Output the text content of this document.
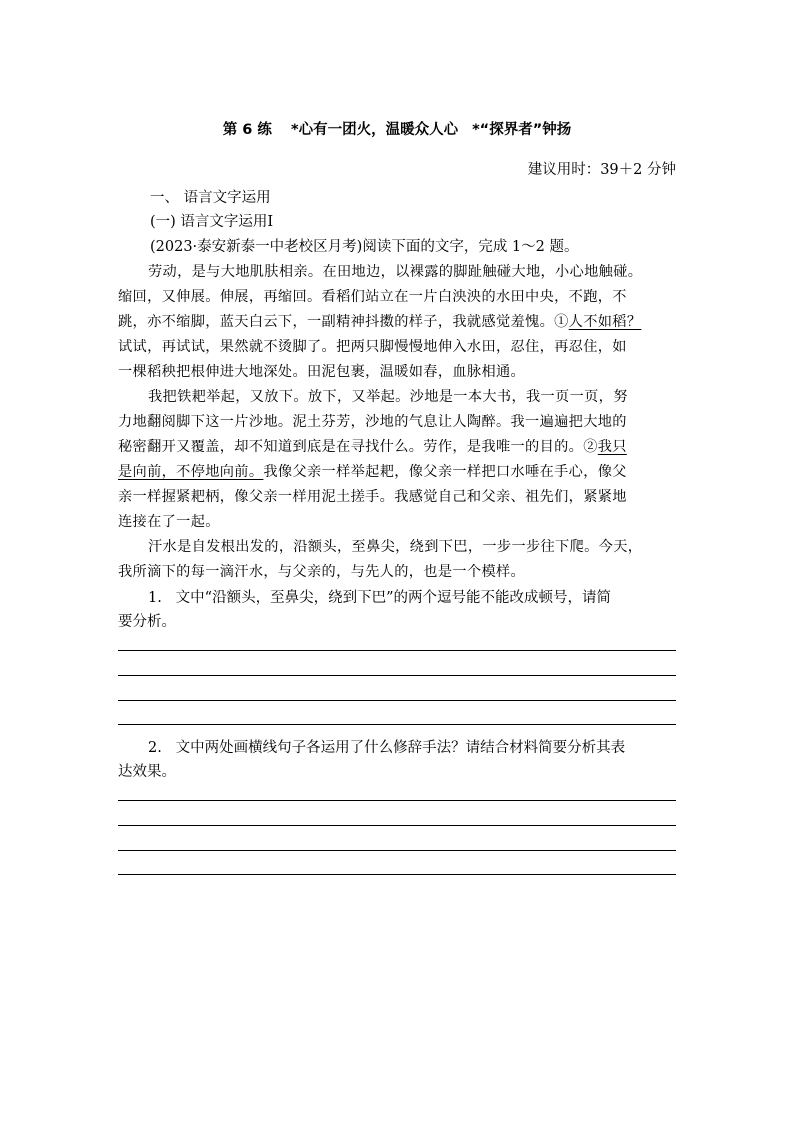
第 6 练 *心有一团火，温暖众人心 *“探界者”钟扬
建议用时：39＋2 分钟
一、 语言文字运用
(一) 语言文字运用Ⅰ
(2023·泰安新泰一中老校区月考)阅读下面的文字，完成 1～2 题。
劳动，是与大地肌肤相亲。在田地边，以裸露的脚趾触碰大地，小心地触碰。
缩回，又伸展。伸展，再缩回。看稻们站立在一片白泱泱的水田中央，不跑，不
跳，亦不缩脚，蓝天白云下，一副精神抖擞的样子，我就感觉羞愧。①人不如稻？
试试，再试试，果然就不烫脚了。把两只脚慢慢地伸入水田，忍住，再忍住，如
一棵稻秧把根伸进大地深处。田泥包裹，温暖如春，血脉相通。
我把铁耙举起，又放下。放下，又举起。沙地是一本大书，我一页一页，努
力地翻阅脚下这一片沙地。泥土芬芳，沙地的气息让人陶醉。我一遍遍把大地的
秘密翻开又覆盖，却不知道到底是在寻找什么。劳作，是我唯一的目的。②我只
是向前，不停地向前。我像父亲一样举起耙，像父亲一样把口水唾在手心，像父
亲一样握紧耙柄，像父亲一样用泥土搓手。我感觉自己和父亲、祖先们，紧紧地
连接在了一起。
汗水是自发根出发的，沿额头，至鼻尖，绕到下巴，一步一步往下爬。今天，
我所滴下的每一滴汗水，与父亲的，与先人的，也是一个模样。
1. 文中“沿额头，至鼻尖，绕到下巴”的两个逗号能不能改成顿号，请简
要分析。
2. 文中两处画横线句子各运用了什么修辞手法？请结合材料简要分析其表
达效果。
